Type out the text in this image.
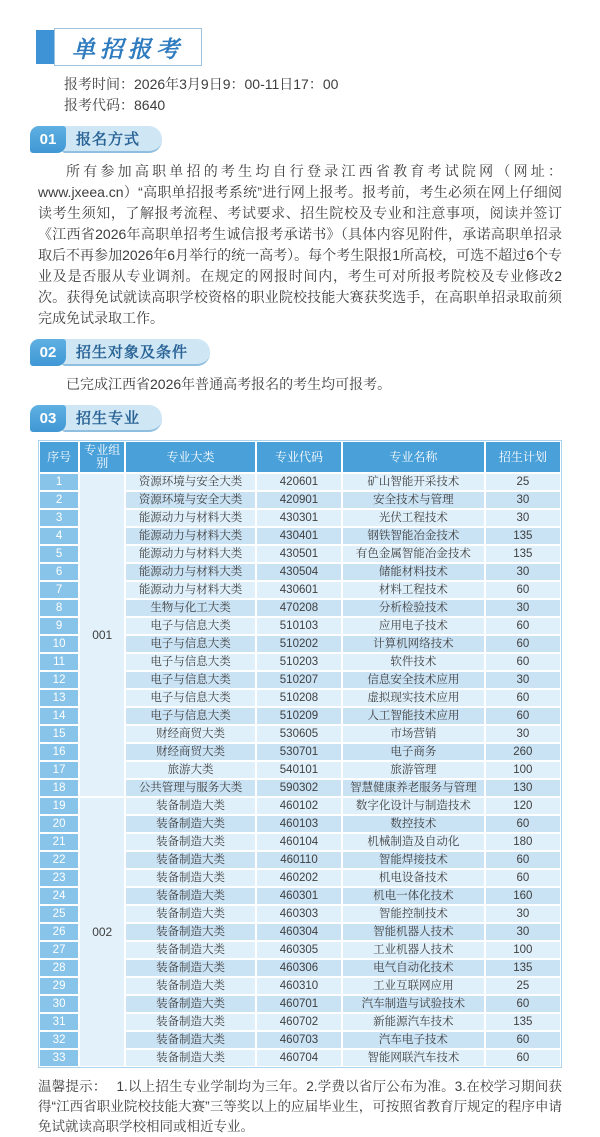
单招报考

报考时间：2026年3月9日9：00-11日17：00

报考代码：8640

01	报名方式

所有参加高职单招的考生均自行登录江西省教育考试院网（网址：www.jxeea.cn）“高职单招报考系统”进行网上报考。报考前，考生必须在网上仔细阅读考生须知，了解报考流程、考试要求、招生院校及专业和注意事项，阅读并签订《江西省2026年高职单招考生诚信报考承诺书》（具体内容见附件，承诺高职单招录取后不再参加2026年6月举行的统一高考）。每个考生限报1所高校，可选不超过6个专业及是否服从专业调剂。在规定的网报时间内，考生可对所报考院校及专业修改2次。获得免试就读高职学校资格的职业院校技能大赛获奖选手，在高职单招录取前须完成免试录取工作。

02	招生对象及条件

已完成江西省2026年普通高考报名的考生均可报考。

03	招生专业
序号	专业组别	专业大类	专业代码	专业名称	招生计划
1	001	资源环境与安全大类	420601	矿山智能开采技术	25
2		资源环境与安全大类	420901	安全技术与管理	30
3		能源动力与材料大类	430301	光伏工程技术	30
4		能源动力与材料大类	430401	钢铁智能冶金技术	135
5		能源动力与材料大类	430501	有色金属智能冶金技术	135
6		能源动力与材料大类	430504	储能材料技术	30
7		能源动力与材料大类	430601	材料工程技术	60
8		生物与化工大类	470208	分析检验技术	30
9		电子与信息大类	510103	应用电子技术	60
10		电子与信息大类	510202	计算机网络技术	60
11		电子与信息大类	510203	软件技术	60
12		电子与信息大类	510207	信息安全技术应用	30
13		电子与信息大类	510208	虚拟现实技术应用	60
14		电子与信息大类	510209	人工智能技术应用	60
15		财经商贸大类	530605	市场营销	30
16		财经商贸大类	530701	电子商务	260
17		旅游大类	540101	旅游管理	100
18		公共管理与服务大类	590302	智慧健康养老服务与管理	130
19	002	装备制造大类	460102	数字化设计与制造技术	120
20		装备制造大类	460103	数控技术	60
21		装备制造大类	460104	机械制造及自动化	180
22		装备制造大类	460110	智能焊接技术	60
23		装备制造大类	460202	机电设备技术	60
24		装备制造大类	460301	机电一体化技术	160
25		装备制造大类	460303	智能控制技术	30
26		装备制造大类	460304	智能机器人技术	30
27		装备制造大类	460305	工业机器人技术	100
28		装备制造大类	460306	电气自动化技术	135
29		装备制造大类	460310	工业互联网应用	25
30		装备制造大类	460701	汽车制造与试验技术	60
31		装备制造大类	460702	新能源汽车技术	135
32		装备制造大类	460703	汽车电子技术	60
33		装备制造大类	460704	智能网联汽车技术	60

温馨提示： 1.以上招生专业学制均为三年。2.学费以省厅公布为准。3.在校学习期间获得“江西省职业院校技能大赛”三等奖以上的应届毕业生，可按照省教育厅规定的程序申请免试就读高职学校相同或相近专业。
